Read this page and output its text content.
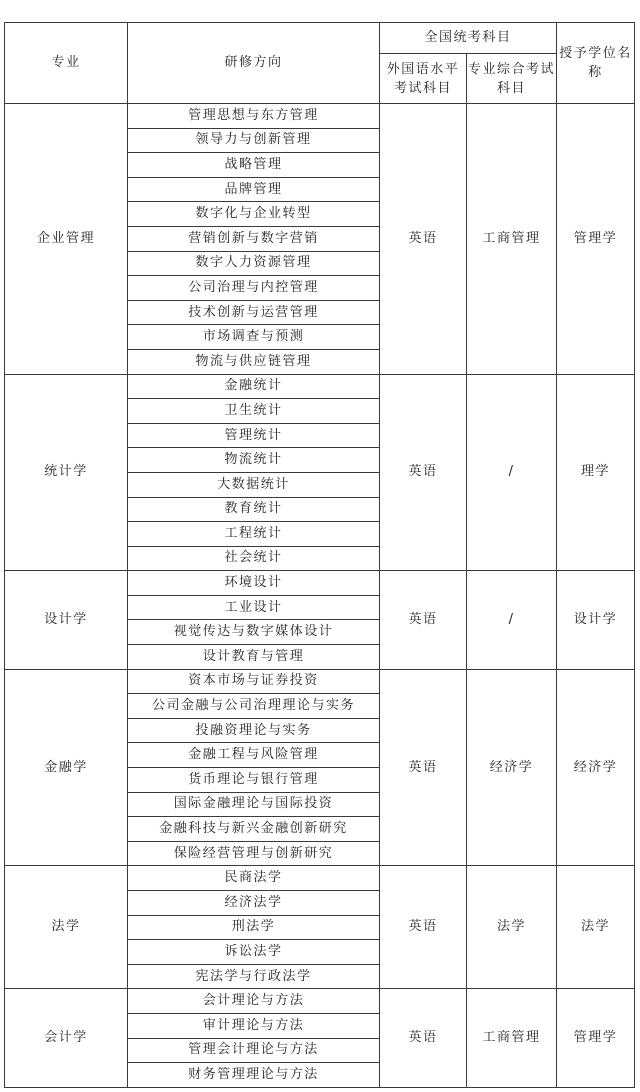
专业	研修方向	全国统考科目		授予学位名称
		外国语水平考试科目	专业综合考试科目	
企业管理	管理思想与东方管理	英语	工商管理	管理学
	领导力与创新管理			
	战略管理			
	品牌管理			
	数字化与企业转型			
	营销创新与数字营销			
	数字人力资源管理			
	公司治理与内控管理			
	技术创新与运营管理			
	市场调查与预测			
	物流与供应链管理			
统计学	金融统计	英语	/	理学
	卫生统计			
	管理统计			
	物流统计			
	大数据统计			
	教育统计			
	工程统计			
	社会统计			
设计学	环境设计	英语	/	设计学
	工业设计			
	视觉传达与数字媒体设计			
	设计教育与管理			
金融学	资本市场与证券投资	英语	经济学	经济学
	公司金融与公司治理理论与实务			
	投融资理论与实务			
	金融工程与风险管理			
	货币理论与银行管理			
	国际金融理论与国际投资			
	金融科技与新兴金融创新研究			
	保险经营管理与创新研究			
法学	民商法学	英语	法学	法学
	经济法学			
	刑法学			
	诉讼法学			
	宪法学与行政法学			
会计学	会计理论与方法	英语	工商管理	管理学
	审计理论与方法			
	管理会计理论与方法			
	财务管理理论与方法			
